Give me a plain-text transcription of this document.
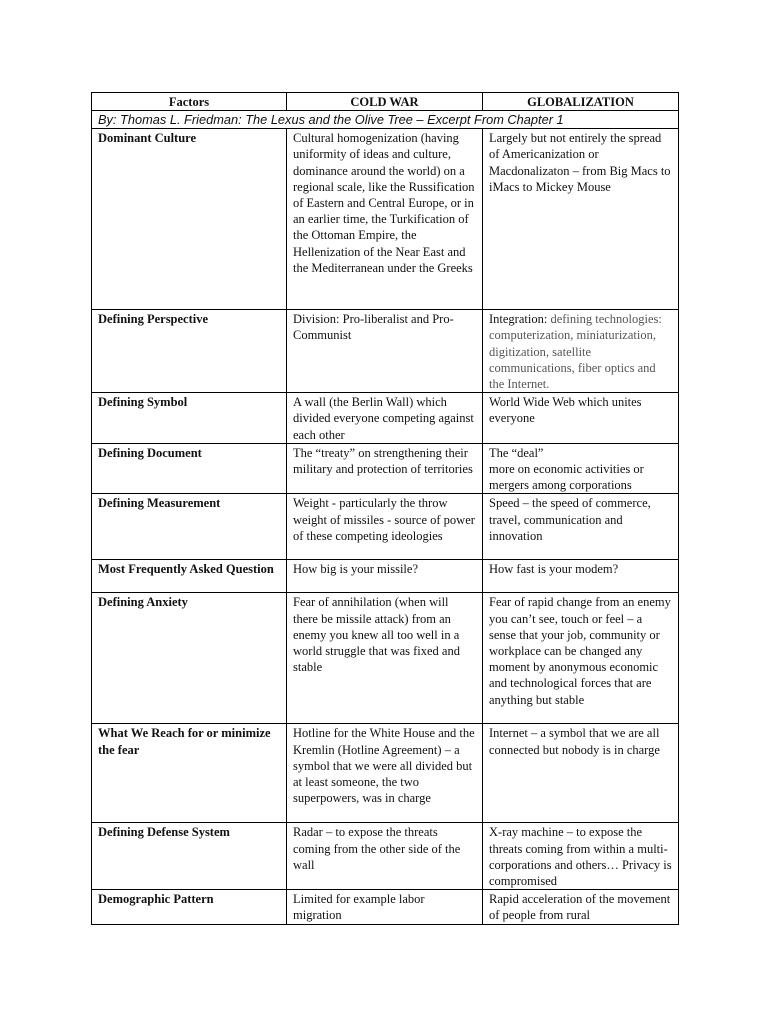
Factors	COLD WAR	GLOBALIZATION
By: Thomas L. Friedman: The Lexus and the Olive Tree – Excerpt From Chapter 1		
Dominant Culture	Cultural homogenization (having uniformity of ideas and culture, dominance around the world) on a regional scale, like the Russification of Eastern and Central Europe, or in an earlier time, the Turkification of the Ottoman Empire, the Hellenization of the Near East and the Mediterranean under the Greeks	Largely but not entirely the spread of Americanization or Macdonalizaton – from Big Macs to iMacs to Mickey Mouse
Defining Perspective	Division: Pro-liberalist and Pro-Communist	Integration: defining technologies: computerization, miniaturization, digitization, satellite communications, fiber optics and the Internet.
Defining Symbol	A wall (the Berlin Wall) which divided everyone competing against each other	World Wide Web which unites everyone
Defining Document	The “treaty” on strengthening their military and protection of territories	The “deal”
more on economic activities or mergers among corporations

Defining Measurement	Weight - particularly the throw weight of missiles - source of power of these competing ideologies	Speed – the speed of commerce, travel, communication and innovation
Most Frequently Asked Question	How big is your missile?	How fast is your modem?
Defining Anxiety	Fear of annihilation (when will there be missile attack) from an enemy you knew all too well in a world struggle that was fixed and stable	Fear of rapid change from an enemy you can’t see, touch or feel – a sense that your job, community or workplace can be changed any moment by anonymous economic and technological forces that are anything but stable
What We Reach for or minimize the fear	Hotline for the White House and the Kremlin (Hotline Agreement) – a symbol that we were all divided but at least someone, the two superpowers, was in charge	Internet – a symbol that we are all connected but nobody is in charge
Defining Defense System	Radar – to expose the threats coming from the other side of the wall	X-ray machine – to expose the threats coming from within a multi-corporations and others… Privacy is compromised
Demographic Pattern	Limited for example labor migration	Rapid acceleration of the movement of people from rural
